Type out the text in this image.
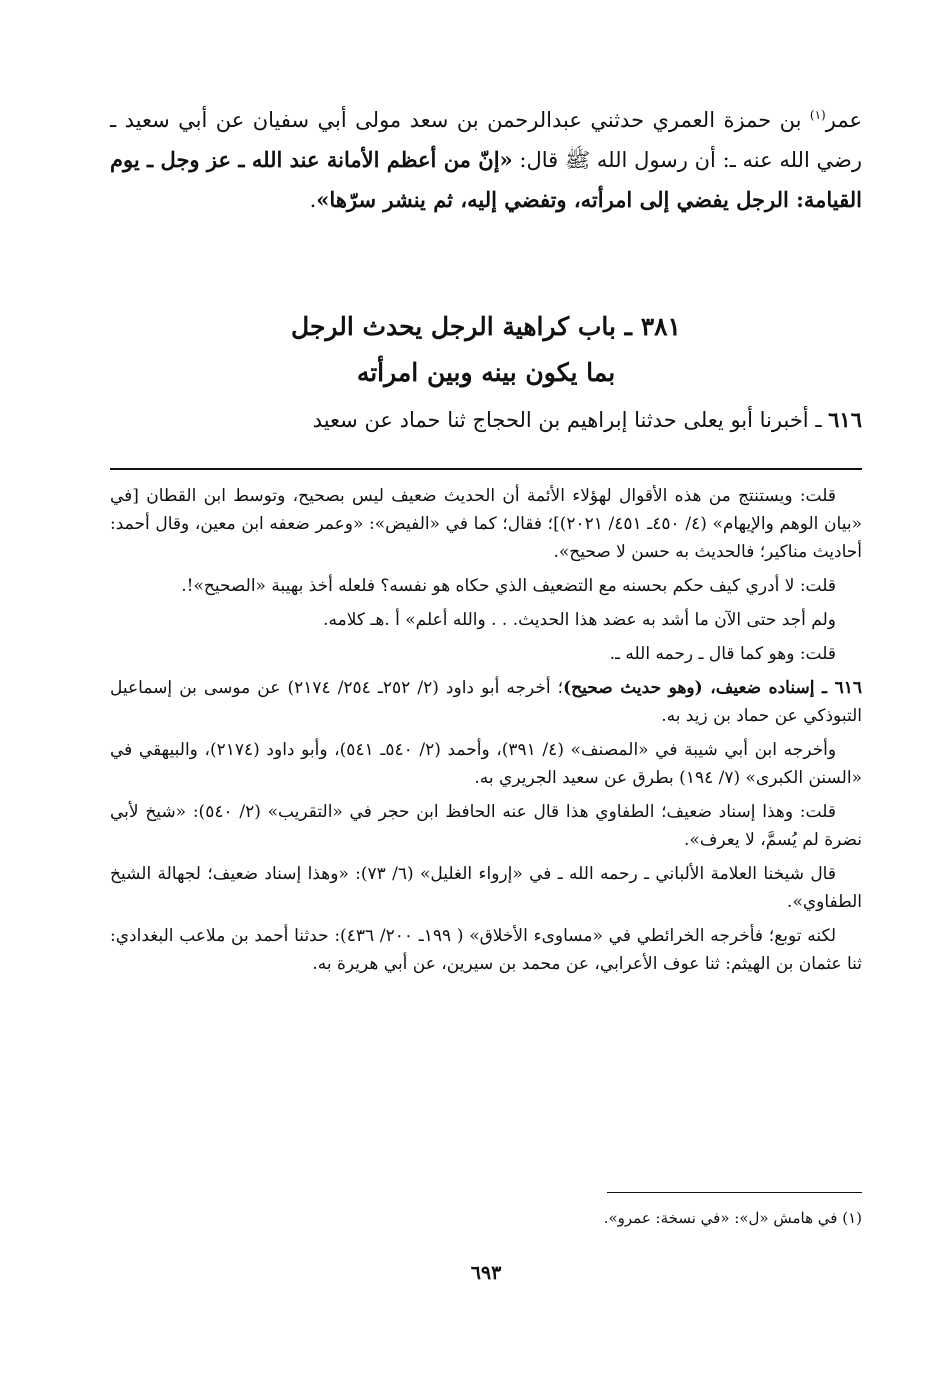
عمر$^{(١)}$ بن حمزة العمري حدثني عبدالرحمن بن سعد مولى أبي سفيان عن أبي سعيد ـ رضي الله عنه ـ: أن رسول الله ﷺ قال: «إنّ من أعظم الأمانة عند الله ـ عز وجل ـ يوم القيامة: الرجل يفضي إلى امرأته، وتفضي إليه، ثم ينشر سرّها».

٣٨١ ـ باب كراهية الرجل يحدث الرجل
بما يكون بينه وبين امرأته
٦١٦ ـ أخبرنا أبو يعلى حدثنا إبراهيم بن الحجاج ثنا حماد عن سعيد

قلت: ويستنتج من هذه الأقوال لهؤلاء الأئمة أن الحديث ضعيف ليس بصحيح، وتوسط ابن القطان [في «بيان الوهم والإيهام» (٤/ ٤٥٠ـ ٤٥١/ ٢٠٢١)]؛ فقال؛ كما في «الفيض»: «وعمر ضعفه ابن معين، وقال أحمد: أحاديث مناكير؛ فالحديث به حسن لا صحيح».

قلت: لا أدري كيف حكم بحسنه مع التضعيف الذي حكاه هو نفسه؟ فلعله أخذ بهيبة «الصحيح»!.

ولم أجد حتى الآن ما أشد به عضد هذا الحديث. . . والله أعلم» أ .هـ كلامه.

قلت: وهو كما قال ـ رحمه الله ـ.

٦١٦ ـ إسناده ضعيف، (وهو حديث صحيح)؛ أخرجه أبو داود (٢/ ٢٥٢ـ ٢٥٤/ ٢١٧٤) عن موسى بن إسماعيل التبوذكي عن حماد بن زيد به.

وأخرجه ابن أبي شيبة في «المصنف» (٤/ ٣٩١)، وأحمد (٢/ ٥٤٠ـ ٥٤١)، وأبو داود (٢١٧٤)، والبيهقي في «السنن الكبرى» (٧/ ١٩٤) بطرق عن سعيد الجريري به.

قلت: وهذا إسناد ضعيف؛ الطفاوي هذا قال عنه الحافظ ابن حجر في «التقريب» (٢/ ٥٤٠): «شيخ لأبي نضرة لم يُسمَّ، لا يعرف».

قال شيخنا العلامة الألباني ـ رحمه الله ـ في «إرواء الغليل» (٦/ ٧٣): «وهذا إسناد ضعيف؛ لجهالة الشيخ الطفاوي».

لكنه توبع؛ فأخرجه الخرائطي في «مساوىء الأخلاق» ( ١٩٩ـ ٢٠٠/ ٤٣٦): حدثنا أحمد بن ملاعب البغدادي: ثنا عثمان بن الهيثم: ثنا عوف الأعرابي، عن محمد بن سيرين، عن أبي هريرة به.

(١) في هامش «ل»: «في نسخة: عمرو».
٦٩٣
